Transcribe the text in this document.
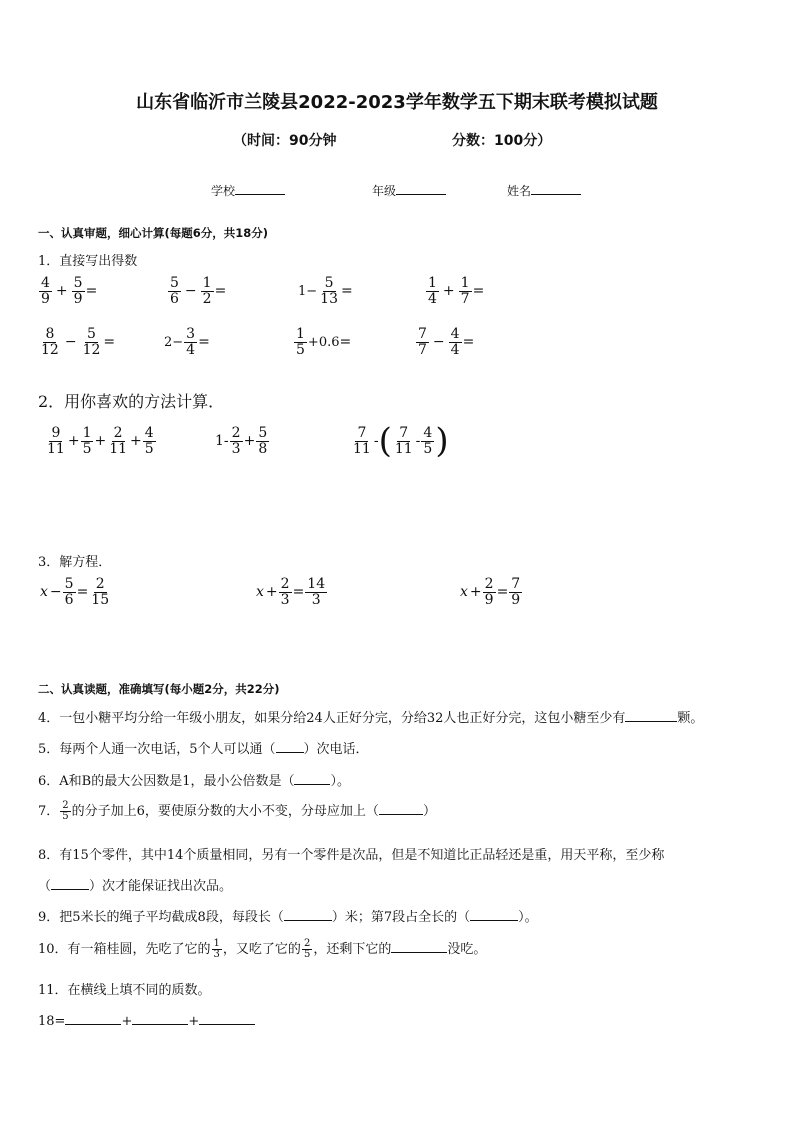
山东省临沂市兰陵县2022-2023学年数学五下期末联考模拟试题
（时间：90分钟	分数：100分）
学校	年级	姓名
一、认真审题，细心计算(每题6分，共18分)
1．直接写出得数
$\frac{4}{9} + \frac{5}{9}$ =	$\frac{5}{6} - \frac{1}{2}$ =	$1- \frac{5}{13}$ =	$\frac{1}{4} + \frac{1}{7}$ =
$\frac{8}{12} - \frac{5}{12}$ =	$2- \frac{3}{4}$ =	$\frac{1}{5} +0.6$ =	$\frac{7}{7} - \frac{4}{4}$ =
2．用你喜欢的方法计算．
$\frac{9}{11} + \frac{1}{5} + \frac{2}{11} + \frac{4}{5}$	$1 - \frac{2}{3} + \frac{5}{8}$	$\frac{7}{11}$ - ( $\frac{7}{11} - \frac{4}{5}$ )
3．解方程．
$x - \frac{5}{6} = \frac{2}{15}$	$x + \frac{2}{3} = \frac{14}{3}$	$x + \frac{2}{9} = \frac{7}{9}$
二、认真读题，准确填写(每小题2分，共22分)
4．一包小糖平均分给一年级小朋友，如果分给24人正好分完，分给32人也正好分完，这包小糖至少有	颗。
5．每两个人通一次电话，5个人可以通（ ）次电话．
6．A和B的最大公因数是1，最小公倍数是（	）。
7． $\frac{2}{5}$ 的分子加上6，要使原分数的大小不变，分母应加上（	）
8．有15个零件，其中14个质量相同，另有一个零件是次品，但是不知道比正品轻还是重，用天平称，至少称
（	）次才能保证找出次品。
9．把5米长的绳子平均截成8段，每段长（	）米；第7段占全长的（	）。
10．有一箱桂圆，先吃了它的 $\frac{1}{3}$ ，又吃了它的 $\frac{2}{5}$ ，还剩下它的	没吃。
11．在横线上填不同的质数。
18=	+	+
